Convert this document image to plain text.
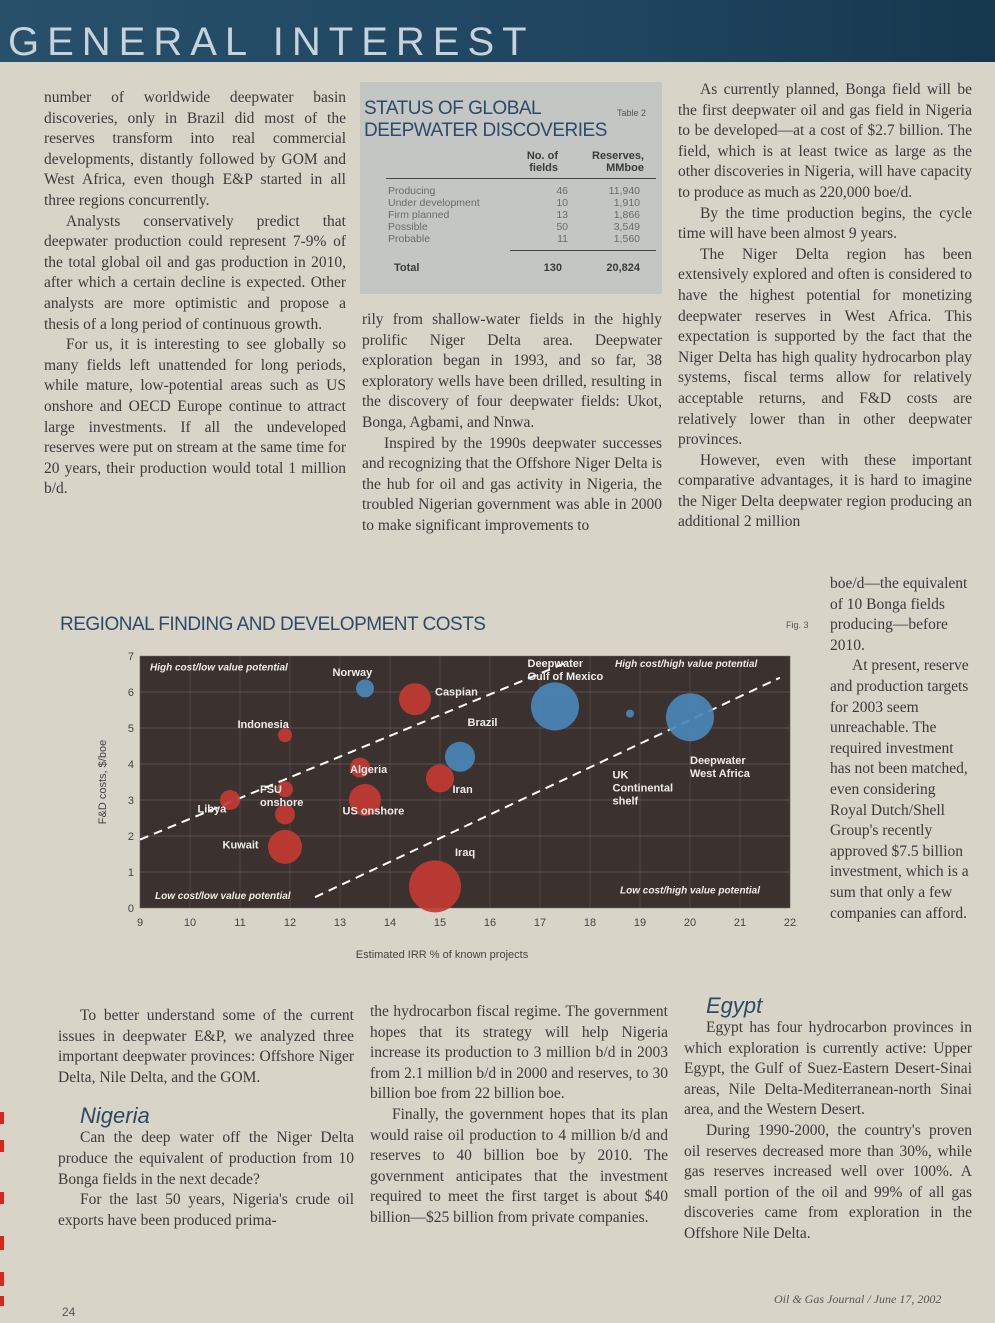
GENERAL INTEREST

number of worldwide deepwater basin discoveries, only in Brazil did most of the reserves transform into real commercial developments, distantly followed by GOM and West Africa, even though E&P started in all three regions concurrently.

Analysts conservatively predict that deepwater production could represent 7-9% of the total global oil and gas production in 2010, after which a certain decline is expected. Other analysts are more optimistic and propose a thesis of a long period of continuous growth.

For us, it is interesting to see globally so many fields left unattended for long periods, while mature, low-potential areas such as US onshore and OECD Europe continue to attract large investments. If all the undeveloped reserves were put on stream at the same time for 20 years, their production would total 1 million b/d.

STATUS OF GLOBAL
DEEPWATER DISCOVERIES
Table 2
No. of
fields
Reserves,
MMboe
Producing	46	11,940
Under development	10	1,910
Firm planned	13	1,866
Possible	50	3,549
Probable	11	1,560
Total	130	20,824

rily from shallow-water fields in the highly prolific Niger Delta area. Deepwater exploration began in 1993, and so far, 38 exploratory wells have been drilled, resulting in the discovery of four deepwater fields: Ukot, Bonga, Agbami, and Nnwa.

Inspired by the 1990s deepwater successes and recognizing that the Offshore Niger Delta is the hub for oil and gas activity in Nigeria, the troubled Nigerian government was able in 2000 to make significant improvements to

As currently planned, Bonga field will be the first deepwater oil and gas field in Nigeria to be developed—at a cost of $2.7 billion. The field, which is at least twice as large as the other discoveries in Nigeria, will have capacity to produce as much as 220,000 boe/d.

By the time production begins, the cycle time will have been almost 9 years.

The Niger Delta region has been extensively explored and often is considered to have the highest potential for monetizing deepwater reserves in West Africa. This expectation is supported by the fact that the Niger Delta has high quality hydrocarbon play systems, fiscal terms allow for relatively acceptable returns, and F&D costs are relatively lower than in other deepwater provinces.

However, even with these important comparative advantages, it is hard to imagine the Niger Delta deepwater region producing an additional 2 million

boe/d—the equivalent of 10 Bonga fields producing—before 2010.

At present, reserve and production targets for 2003 seem unreachable. The required investment has not been matched, even considering Royal Dutch/Shell Group's recently approved $7.5 billion investment, which is a sum that only a few companies can afford.

REGIONAL FINDING AND DEVELOPMENT COSTS	Fig. 3
Norway
Caspian
Deepwater
Gulf of Mexico
Brazil
Indonesia
Algeria
Iran
FSU
onshore
Libya	US onshore
Kuwait
Iraq
UK
Continental
shelf
Deepwater
West Africa
High cost/low value potential	High cost/high value potential
Low cost/low value potential	Low cost/high value potential
9	10	11	12	13	14	15	16	17	18	19	20	21	22
0
1
2
3
4
5
6
7
Estimated IRR % of known projects
F&D costs, $/boe

To better understand some of the current issues in deepwater E&P, we analyzed three important deepwater provinces: Offshore Niger Delta, Nile Delta, and the GOM.

Nigeria

Can the deep water off the Niger Delta produce the equivalent of production from 10 Bonga fields in the next decade?

For the last 50 years, Nigeria's crude oil exports have been produced prima-

the hydrocarbon fiscal regime. The government hopes that its strategy will help Nigeria increase its production to 3 million b/d in 2003 from 2.1 million b/d in 2000 and reserves, to 30 billion boe from 22 billion boe.

Finally, the government hopes that its plan would raise oil production to 4 million b/d and reserves to 40 billion boe by 2010. The government anticipates that the investment required to meet the first target is about $40 billion—$25 billion from private companies.

Egypt

Egypt has four hydrocarbon provinces in which exploration is currently active: Upper Egypt, the Gulf of Suez-Eastern Desert-Sinai areas, Nile Delta-Mediterranean-north Sinai area, and the Western Desert.

During 1990-2000, the country's proven oil reserves decreased more than 30%, while gas reserves increased well over 100%. A small portion of the oil and 99% of all gas discoveries came from exploration in the Offshore Nile Delta.

24
Oil & Gas Journal / June 17, 2002
